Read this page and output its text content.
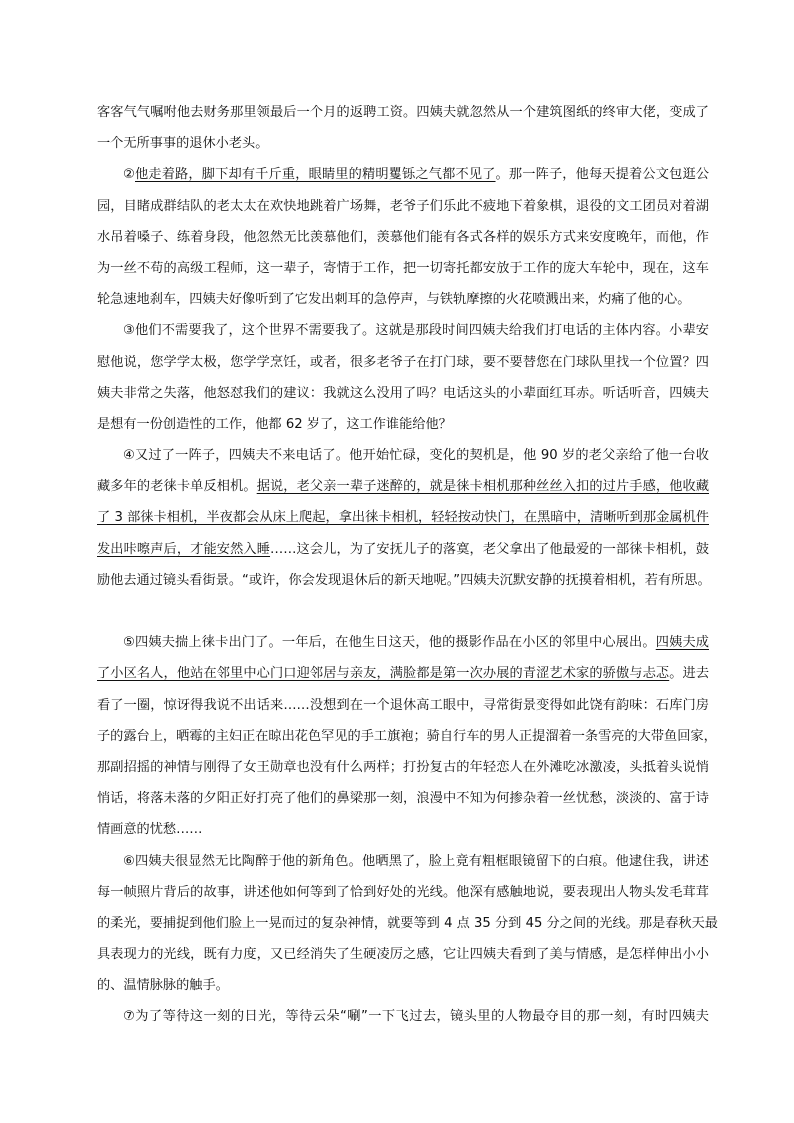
客客气气嘱咐他去财务那里领最后一个月的返聘工资。四姨夫就忽然从一个建筑图纸的终审大佬，变成了
一个无所事事的退休小老头。
②他走着路，脚下却有千斤重，眼睛里的精明矍铄之气都不见了。那一阵子，他每天提着公文包逛公
园，目睹成群结队的老太太在欢快地跳着广场舞，老爷子们乐此不疲地下着象棋，退役的文工团员对着湖
水吊着嗓子、练着身段，他忽然无比羡慕他们，羡慕他们能有各式各样的娱乐方式来安度晚年，而他，作
为一丝不苟的高级工程师，这一辈子，寄情于工作，把一切寄托都安放于工作的庞大车轮中，现在，这车
轮急速地刹车，四姨夫好像听到了它发出刺耳的急停声，与铁轨摩擦的火花喷溅出来，灼痛了他的心。
③他们不需要我了，这个世界不需要我了。这就是那段时间四姨夫给我们打电话的主体内容。小辈安
慰他说，您学学太极，您学学烹饪，或者，很多老爷子在打门球，要不要替您在门球队里找一个位置？四
姨夫非常之失落，他怒怼我们的建议：我就这么没用了吗？电话这头的小辈面红耳赤。听话听音，四姨夫
是想有一份创造性的工作，他都 62 岁了，这工作谁能给他？
④又过了一阵子，四姨夫不来电话了。他开始忙碌，变化的契机是，他 90 岁的老父亲给了他一台收
藏多年的老徕卡单反相机。据说，老父亲一辈子迷醉的，就是徕卡相机那种丝丝入扣的过片手感，他收藏
了 3 部徕卡相机，半夜都会从床上爬起，拿出徕卡相机，轻轻按动快门，在黑暗中，清晰听到那金属机件
发出咔嚓声后，才能安然入睡……这会儿，为了安抚儿子的落寞，老父拿出了他最爱的一部徕卡相机，鼓
励他去通过镜头看街景。“或许，你会发现退休后的新天地呢。”四姨夫沉默安静的抚摸着相机，若有所思。
⑤四姨夫揣上徕卡出门了。一年后，在他生日这天，他的摄影作品在小区的邻里中心展出。四姨夫成
了小区名人，他站在邻里中心门口迎邻居与亲友，满脸都是第一次办展的青涩艺术家的骄傲与忐忑。进去
看了一圈，惊讶得我说不出话来……没想到在一个退休高工眼中，寻常街景变得如此饶有韵味：石库门房
子的露台上，晒霉的主妇正在晾出花色罕见的手工旗袍；骑自行车的男人正提溜着一条雪亮的大带鱼回家，
那副招摇的神情与刚得了女王勋章也没有什么两样；打扮复古的年轻恋人在外滩吃冰激凌，头抵着头说悄
悄话，将落未落的夕阳正好打亮了他们的鼻梁那一刻，浪漫中不知为何掺杂着一丝忧愁，淡淡的、富于诗
情画意的忧愁……
⑥四姨夫很显然无比陶醉于他的新角色。他晒黑了，脸上竟有粗框眼镜留下的白痕。他逮住我，讲述
每一帧照片背后的故事，讲述他如何等到了恰到好处的光线。他深有感触地说，要表现出人物头发毛茸茸
的柔光，要捕捉到他们脸上一晃而过的复杂神情，就要等到 4 点 35 分到 45 分之间的光线。那是春秋天最
具表现力的光线，既有力度，又已经消失了生硬凌厉之感，它让四姨夫看到了美与情感，是怎样伸出小小
的、温情脉脉的触手。
⑦为了等待这一刻的日光，等待云朵“唰”一下飞过去，镜头里的人物最夺目的那一刻，有时四姨夫
